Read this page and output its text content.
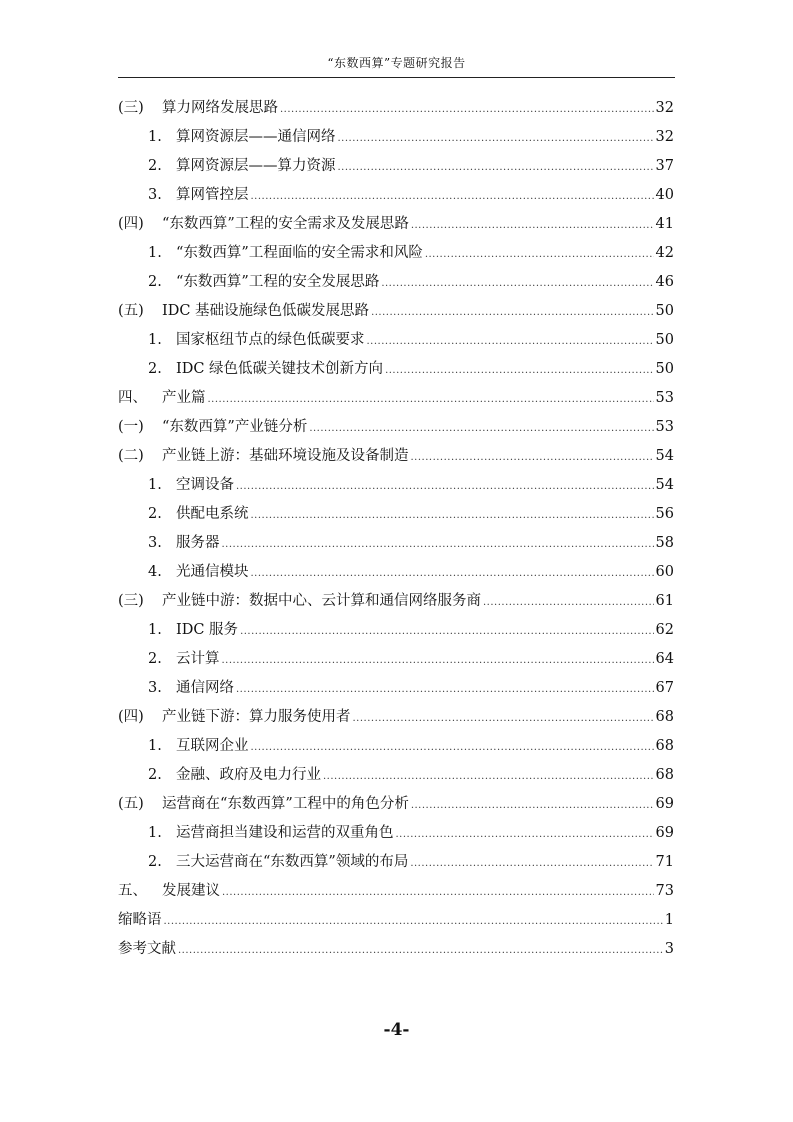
“东数西算”专题研究报告
(三)	算力网络发展思路 .....	32
1. 算网资源层——通信网络 .....	32
2. 算网资源层——算力资源 .....	37
3. 算网管控层 .....	40
(四)	“东数西算”工程的安全需求及发展思路 .....	41
1. “东数西算”工程面临的安全需求和风险 .....	42
2. “东数西算”工程的安全发展思路 .....	46
(五)	IDC 基础设施绿色低碳发展思路 .....	50
1. 国家枢纽节点的绿色低碳要求 .....	50
2. IDC 绿色低碳关键技术创新方向 .....	50
四、	产业篇 .....	53
(一)	“东数西算”产业链分析 .....	53
(二)	产业链上游：基础环境设施及设备制造 .....	54
1. 空调设备 .....	54
2. 供配电系统 .....	56
3. 服务器 .....	58
4. 光通信模块 .....	60
(三)	产业链中游：数据中心、云计算和通信网络服务商 .....	61
1. IDC 服务 .....	62
2. 云计算 .....	64
3. 通信网络 .....	67
(四)	产业链下游：算力服务使用者 .....	68
1. 互联网企业 .....	68
2. 金融、政府及电力行业 .....	68
(五)	运营商在“东数西算”工程中的角色分析 .....	69
1. 运营商担当建设和运营的双重角色 .....	69
2. 三大运营商在“东数西算”领域的布局 .....	71
五、	发展建议 .....	73
缩略语 .....	1
参考文献 .....	3
-4-
